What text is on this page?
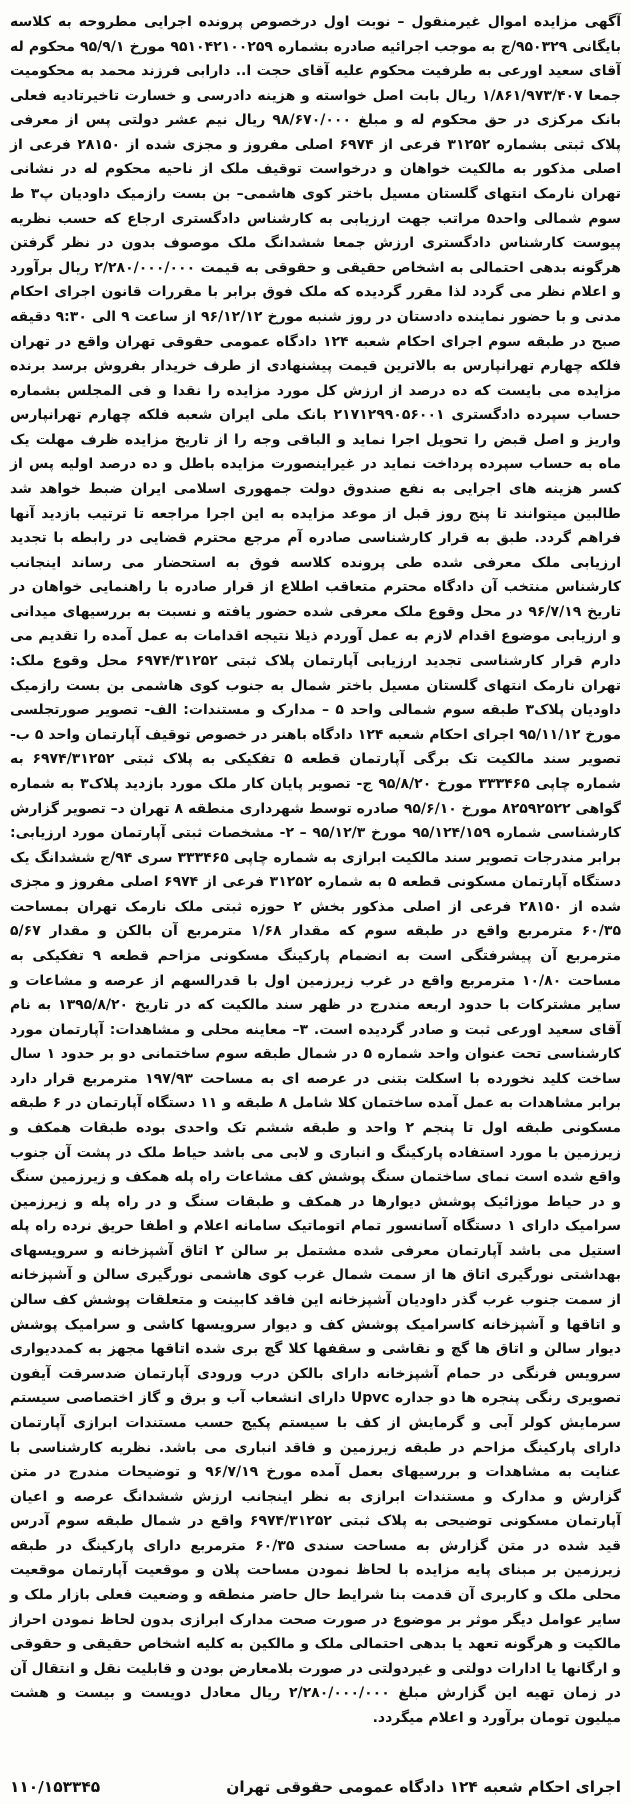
آگهی مزایده اموال غیرمنقول – نوبت اول درخصوص پرونده اجرایی مطروحه به کلاسه بایگانی ۹۵۰۳۲۹/ج به موجب اجرائیه صادره بشماره ۹۵۱۰۴۲۱۰۰۲۵۹ مورخ ۹۵/۹/۱ محکوم له آقای سعید اورعی به طرفیت محکوم علیه آقای حجت ا.. دارابی فرزند محمد به محکومیت جمعا ۱/۸۶۱/۹۷۳/۴۰۷ ریال بابت اصل خواسته و هزینه دادرسی و خسارت تاخیرتادیه فعلی بانک مرکزی در حق محکوم له و مبلغ ۹۸/۶۷۰/۰۰۰ ریال نیم عشر دولتی پس از معرفی پلاک ثبتی بشماره ۳۱۲۵۲ فرعی از ۶۹۷۴ اصلی مفروز و مجزی شده از ۲۸۱۵۰ فرعی از اصلی مذکور به مالکیت خواهان و درخواست توقیف ملک از ناحیه محکوم له در نشانی تهران نارمک انتهای گلستان مسیل باختر کوی هاشمی– بن بست رازمیک داودیان پ۳ ط سوم شمالی واحد۵ مراتب جهت ارزیابی به کارشناس دادگستری ارجاع که حسب نظریه پیوست کارشناس دادگستری ارزش جمعا ششدانگ ملک موصوف بدون در نظر گرفتن هرگونه بدهی احتمالی به اشخاص حقیقی و حقوقی به قیمت ۲/۲۸۰/۰۰۰/۰۰۰ ریال برآورد و اعلام نظر می گردد لذا مقرر گردیده که ملک فوق برابر با مقررات قانون اجرای احکام مدنی و با حضور نماینده دادستان در روز شنبه مورخ ۹۶/۱۲/۱۲ از ساعت ۹ الی ۹:۳۰ دقیقه صبح در طبقه سوم اجرای احکام شعبه ۱۲۴ دادگاه عمومی حقوقی تهران واقع در تهران فلکه چهارم تهرانپارس به بالاترین قیمت پیشنهادی از طرف خریدار بفروش برسد برنده مزایده می بایست که ده درصد از ارزش کل مورد مزایده را نقدا و فی المجلس بشماره حساب سپرده دادگستری ۲۱۷۱۲۹۹۰۵۶۰۰۱ بانک ملی ایران شعبه فلکه چهارم تهرانپارس واریز و اصل قبض را تحویل اجرا نماید و الباقی وجه را از تاریخ مزایده ظرف مهلت یک ماه به حساب سپرده پرداخت نماید در غیراینصورت مزایده باطل و ده درصد اولیه پس از کسر هزینه های اجرایی به نفع صندوق دولت جمهوری اسلامی ایران ضبط خواهد شد طالبین میتوانند تا پنج روز قبل از موعد مزایده به این اجرا مراجعه تا ترتیب بازدید آنها فراهم گردد. طبق به قرار کارشناسی صادره آم مرجع محترم قضایی در رابطه با تجدید ارزیابی ملک معرفی شده طی پرونده کلاسه فوق به استحضار می رساند اینجانب کارشناس منتخب آن دادگاه محترم متعاقب اطلاع از قرار صادره با راهنمایی خواهان در تاریخ ۹۶/۷/۱۹ در محل وقوع ملک معرفی شده حضور یافته و نسبت به بررسیهای میدانی و ارزیابی موضوع اقدام لازم به عمل آوردم ذیلا نتیجه اقدامات به عمل آمده را تقدیم می دارم قرار کارشناسی تجدید ارزیابی آپارتمان پلاک ثبتی ۶۹۷۴/۳۱۲۵۲ محل وقوع ملک: تهران نارمک انتهای گلستان مسیل باختر شمال به جنوب کوی هاشمی بن بست رازمیک داودیان پلاک۳ طبقه سوم شمالی واحد ۵ – مدارک و مستندات: الف- تصویر صورتجلسی مورخ ۹۵/۱۱/۱۲ اجرای احکام شعبه ۱۲۴ دادگاه باهنر در خصوص توقیف آپارتمان واحد ۵ ب- تصویر سند مالکیت تک برگی آپارتمان قطعه ۵ تفکیکی به پلاک ثبتی ۶۹۷۴/۳۱۲۵۲ به شماره چاپی ۳۳۳۴۶۵ مورخ ۹۵/۸/۲۰ ج- تصویر پایان کار ملک مورد بازدید پلاک۳ به شماره گواهی ۸۲۵۹۲۵۲۲ مورخ ۹۵/۶/۱۰ صادره توسط شهرداری منطقه ۸ تهران د– تصویر گزارش کارشناسی شماره ۹۵/۱۲۴/۱۵۹ مورخ ۹۵/۱۲/۳ – ۲- مشخصات ثبتی آپارتمان مورد ارزیابی: برابر مندرجات تصویر سند مالکیت ابرازی به شماره چاپی ۳۳۳۴۶۵ سری ۹۴/ج ششدانگ یک دستگاه آپارتمان مسکونی قطعه ۵ به شماره ۳۱۲۵۲ فرعی از ۶۹۷۴ اصلی مفروز و مجزی شده از ۲۸۱۵۰ فرعی از اصلی مذکور بخش ۲ حوزه ثبتی ملک نارمک تهران بمساحت ۶۰/۳۵ مترمربع واقع در طبقه سوم که مقدار ۱/۶۸ مترمربع آن بالکن و مقدار ۵/۶۷ مترمربع آن پیشرفتگی است به انضمام پارکینگ مسکونی مزاحم قطعه ۹ تفکیکی به مساحت ۱۰/۸۰ مترمربع واقع در غرب زیرزمین اول با قدرالسهم از عرصه و مشاعات و سایر مشترکات با حدود اربعه مندرج در ظهر سند مالکیت که در تاریخ ۱۳۹۵/۸/۲۰ به نام آقای سعید اورعی ثبت و صادر گردیده است. ۳– معاینه محلی و مشاهدات: آپارتمان مورد کارشناسی تحت عنوان واحد شماره ۵ در شمال طبقه سوم ساختمانی دو بر حدود ۱ سال ساخت کلید نخورده با اسکلت بتنی در عرصه ای به مساحت ۱۹۷/۹۳ مترمربع قرار دارد برابر مشاهدات به عمل آمده ساختمان کلا شامل ۸ طبقه و ۱۱ دستگاه آپارتمان در ۶ طبقه مسکونی طبقه اول تا پنجم ۲ واحد و طبقه ششم تک واحدی بوده طبقات همکف و زیرزمین با مورد استفاده پارکینگ و انباری و لابی می باشد حیاط ملک در پشت آن جنوب واقع شده است نمای ساختمان سنگ پوشش کف مشاعات راه پله همکف و زیرزمین سنگ و در حیاط موزائیک پوشش دیوارها در همکف و طبقات سنگ و در راه پله و زیرزمین سرامیک دارای ۱ دستگاه آسانسور تمام اتوماتیک سامانه اعلام و اطفا حریق نرده راه پله استیل می باشد آپارتمان معرفی شده مشتمل بر سالن ۲ اتاق آشپزخانه و سرویسهای بهداشتی نورگیری اتاق ها از سمت شمال غرب کوی هاشمی نورگیری سالن و آشپزخانه از سمت جنوب غرب گذر داودیان آشپزخانه این فاقد کابینت و متعلقات پوشش کف سالن و اتاقها و آشپزخانه کاسرامیک پوشش کف و دیوار سرویسها کاشی و سرامیک پوشش دیوار سالن و اتاق ها گچ و نقاشی و سقفها کلا گچ بری شده اتاقها مجهز به کمددیواری سرویس فرنگی در حمام آشپزخانه دارای بالکن درب ورودی آپارتمان ضدسرقت آیفون تصویری رنگی پنجره ها دو جداره Upvc دارای انشعاب آب و برق و گاز اختصاصی سیستم سرمایش کولر آبی و گرمایش از کف با سیستم پکیج حسب مستندات ابرازی آپارتمان دارای پارکینگ مزاحم در طبقه زیرزمین و فاقد انباری می باشد. نظریه کارشناسی با عنایت به مشاهدات و بررسیهای بعمل آمده مورخ ۹۶/۷/۱۹ و توضیحات مندرج در متن گزارش و مدارک و مستندات ابرازی به نظر اینجانب ارزش ششدانگ عرصه و اعیان آپارتمان مسکونی توضیحی به پلاک ثبتی ۶۹۷۴/۳۱۲۵۲ واقع در شمال طبقه سوم آدرس قید شده در متن گزارش به مساحت سندی ۶۰/۳۵ مترمربع دارای پارکینگ در طبقه زیرزمین بر مبنای پایه مزایده با لحاظ نمودن مساحت پلان و موقعیت آپارتمان موقعیت محلی ملک و کاربری آن قدمت بنا شرایط حال حاضر منطقه و وضعیت فعلی بازار ملک و سایر عوامل دیگر موثر بر موضوع در صورت صحت مدارک ابرازی بدون لحاظ نمودن احراز مالکیت و هرگونه تعهد یا بدهی احتمالی ملک و مالکین به کلیه اشخاص حقیقی و حقوقی و ارگانها یا ادارات دولتی و غیردولتی در صورت بلامعارض بودن و قابلیت نقل و انتقال آن در زمان تهیه این گزارش مبلغ ۲/۲۸۰/۰۰۰/۰۰۰ ریال معادل دویست و بیست و هشت میلیون تومان برآورد و اعلام میگردد.

۱۱۰/۱۵۳۳۴۵	اجرای احکام شعبه ۱۲۴ دادگاه عمومی حقوقی تهران
